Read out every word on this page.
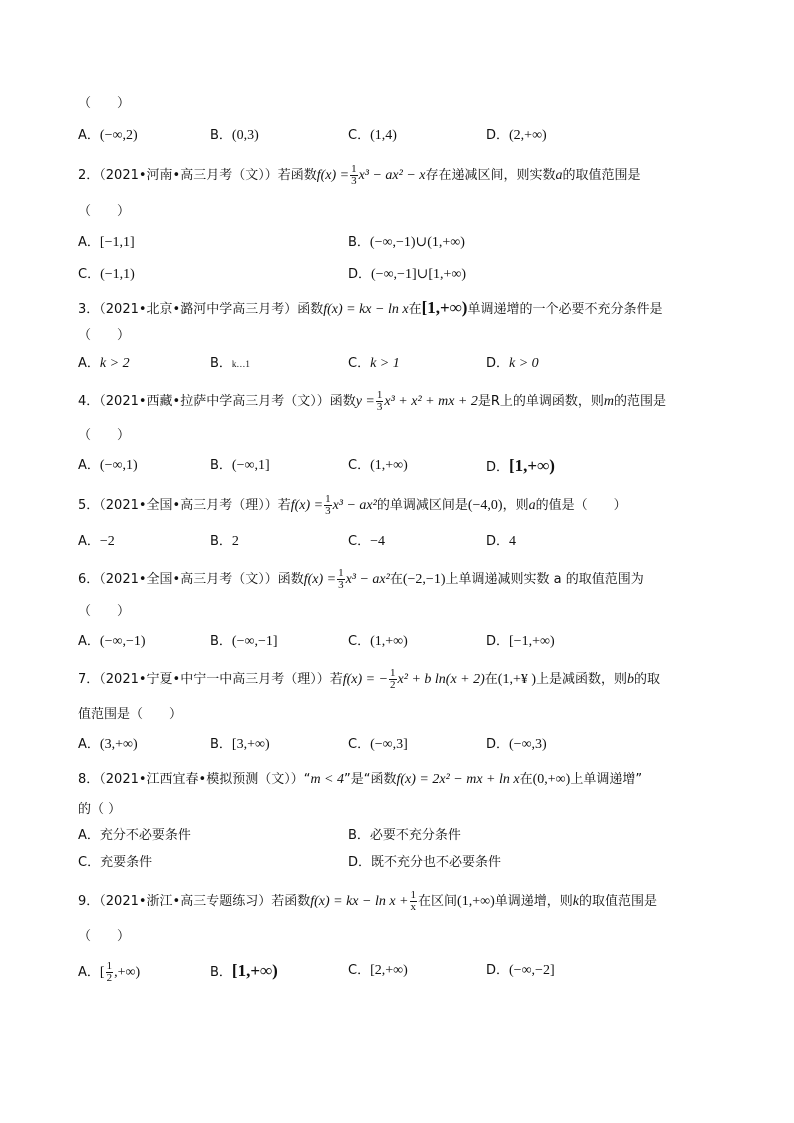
（　　）
A．(−∞,2)	B．(0,3)	C．(1,4)	D．(2,+∞)
2．（2021•河南•高三月考（文））若函数$f(x) = \frac{1}{3} x^3 - ax^2 - x$存在递减区间，则实数a的取值范围是
（　　）
A．[−1,1]	B．(−∞,−1)∪(1,+∞)
C．(−1,1)	D．(−∞,−1]∪[1,+∞)
3．（2021•北京•潞河中学高三月考）函数f(x) = kx − ln x在[1,+∞)单调递增的一个必要不充分条件是
（　　）
A．k > 2	B．k…1	C．k > 1	D．k > 0
4．（2021•西藏•拉萨中学高三月考（文））函数$y = \frac{1}{3} x^3 + x^2$ + mx + 2是R上的单调函数，则m的范围是
（　　）
A．(−∞,1)	B．(−∞,1]	C．(1,+∞)	D．[1,+∞)
5．（2021•全国•高三月考（理））若$f(x) = \frac{1}{3} x^3 - ax^2$的单调减区间是(−4,0)，则a的值是（　　）
A．−2	B．2	C．−4	D．4
6．（2021•全国•高三月考（文））函数$f(x) = \frac{1}{3} x^3 - ax^2$在(−2,−1)上单调递减则实数 a 的取值范围为
（　　）
A．(−∞,−1)	B．(−∞,−1]	C．(1,+∞)	D．[−1,+∞)
7．（2021•宁夏•中宁一中高三月考（理））若f(x) = − $\frac{1}{2} x^2 + b$ ln(x + 2)在(1,+¥ )上是减函数，则b的取
值范围是（　　）
A．(3,+∞)	B．[3,+∞)	C．(−∞,3]	D．(−∞,3)
8．（2021•江西宜春•模拟预测（文））“m < 4”是“函数f(x) = 2x² − mx + ln x在(0,+∞)上单调递增”
的（ ）
A．充分不必要条件	B．必要不充分条件
C．充要条件	D．既不充分也不必要条件
9．（2021•浙江•高三专题练习）若函数f(x) = kx − $\ln x + \frac{1}{x}$ 在区间(1,+∞)单调递增，则k的取值范围是
（　　）
A．[ $\frac{1}{2}$ ,+∞)	B．[1,+∞)	C．[2,+∞)	D．(−∞,−2]
